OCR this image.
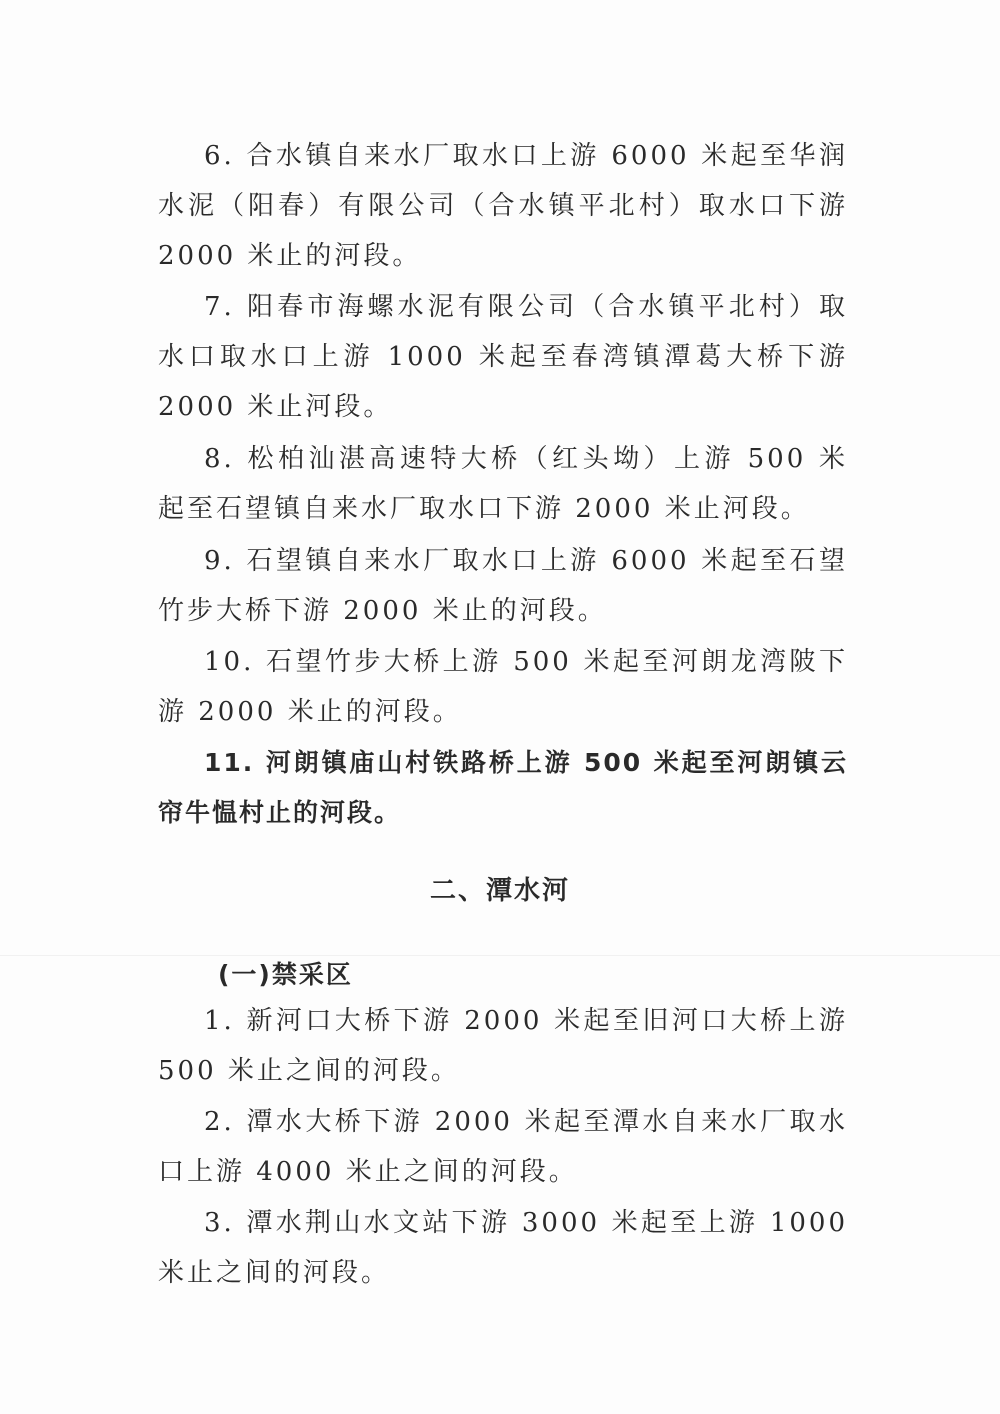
6. 合水镇自来水厂取水口上游 6000 米起至华润水泥（阳春）有限公司（合水镇平北村）取水口下游 2000 米止的河段。

7. 阳春市海螺水泥有限公司（合水镇平北村）取水口取水口上游 1000 米起至春湾镇潭葛大桥下游 2000 米止河段。

8. 松柏汕湛高速特大桥（红头坳）上游 500 米起至石望镇自来水厂取水口下游 2000 米止河段。

9. 石望镇自来水厂取水口上游 6000 米起至石望竹步大桥下游 2000 米止的河段。

10. 石望竹步大桥上游 500 米起至河朗龙湾陂下游 2000 米止的河段。

11. 河朗镇庙山村铁路桥上游 500 米起至河朗镇云帘牛愠村止的河段。

二、潭水河
(一)禁采区

1. 新河口大桥下游 2000 米起至旧河口大桥上游 500 米止之间的河段。

2. 潭水大桥下游 2000 米起至潭水自来水厂取水口上游 4000 米止之间的河段。

3. 潭水荆山水文站下游 3000 米起至上游 1000 米止之间的河段。
